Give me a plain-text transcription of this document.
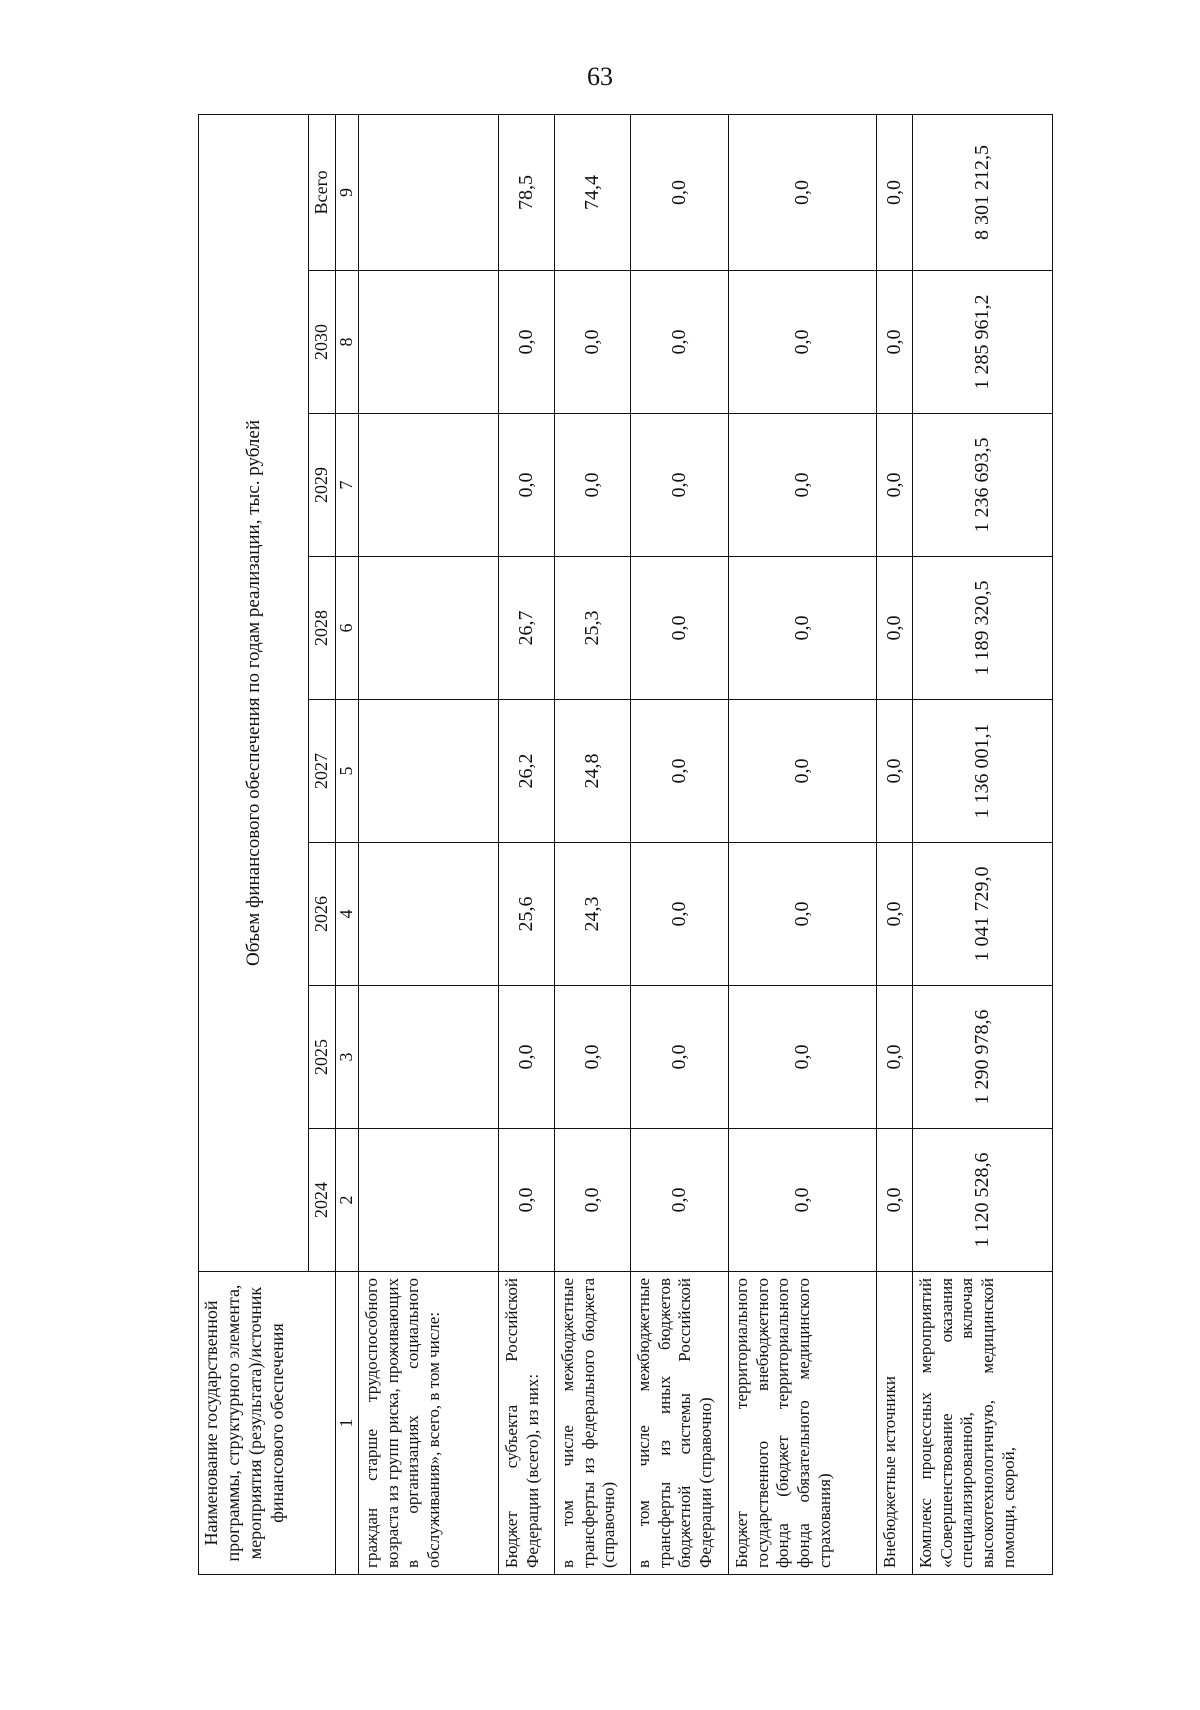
63
Наименование государственной программы, структурного элемента, мероприятия (результата)/источник финансового обеспечения	Объем финансового обеспечения по годам реализации, тыс. рублей							
	2024	2025	2026	2027	2028	2029	2030	Всего
1	2	3	4	5	6	7	8	9
граждан старше трудоспособного возраста из групп риска, проживающих в организациях социального обслуживания», всего, в том числе:								
Бюджет субъекта Российской Федерации (всего), из них:	0,0	0,0	25,6	26,2	26,7	0,0	0,0	78,5
в том числе межбюджетные трансферты из федерального бюджета (справочно)	0,0	0,0	24,3	24,8	25,3	0,0	0,0	74,4
в том числе межбюджетные трансферты из иных бюджетов бюджетной системы Российской Федерации (справочно)	0,0	0,0	0,0	0,0	0,0	0,0	0,0	0,0
Бюджет территориального государственного внебюджетного фонда (бюджет территориального фонда обязательного медицинского страхования)	0,0	0,0	0,0	0,0	0,0	0,0	0,0	0,0
Внебюджетные источники	0,0	0,0	0,0	0,0	0,0	0,0	0,0	0,0
Комплекс процессных мероприятий «Совершенствование оказания специализированной, включая высокотехнологичную, медицинской помощи, скорой,	1 120 528,6	1 290 978,6	1 041 729,0	1 136 001,1	1 189 320,5	1 236 693,5	1 285 961,2	8 301 212,5
